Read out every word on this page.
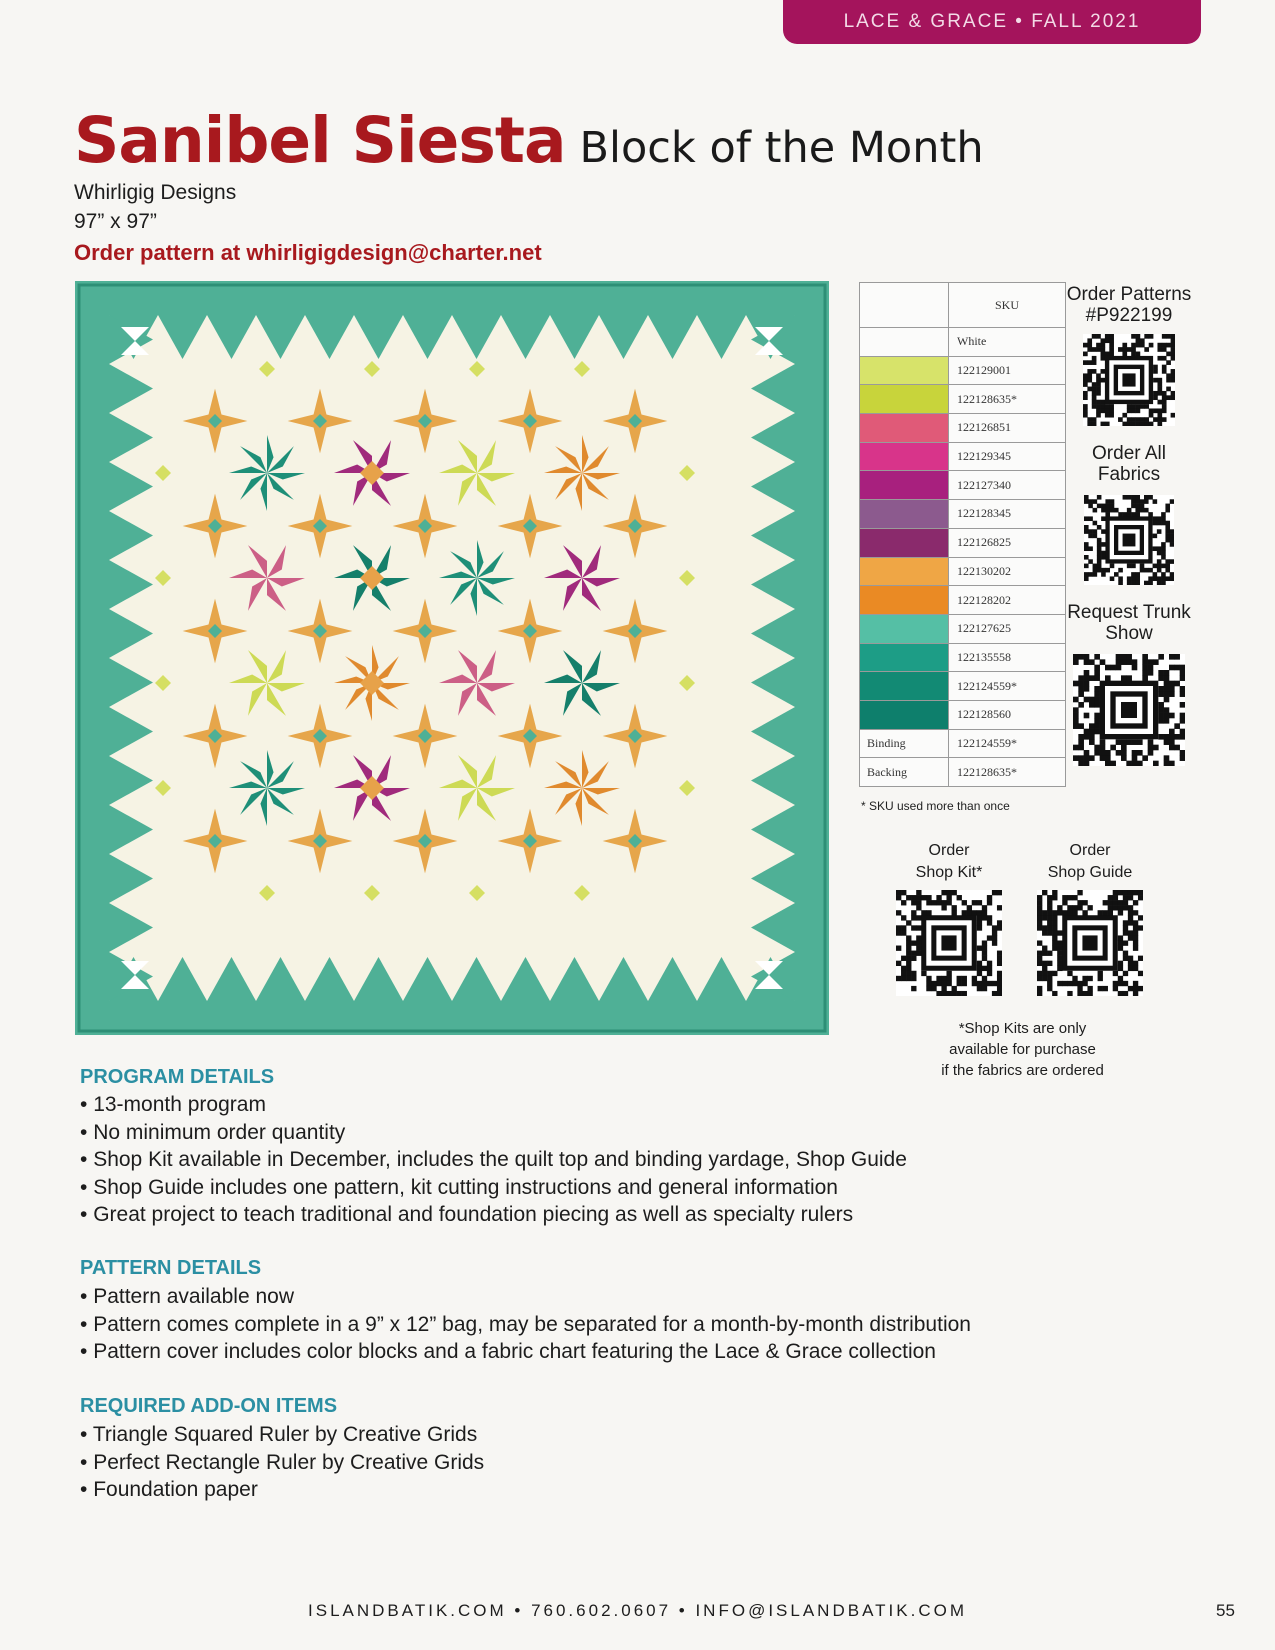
LACE & GRACE • FALL 2021
Sanibel Siesta Block of the Month
Whirligig Designs
97” x 97”
Order pattern at whirligigdesign@charter.net
	SKU
	White
	122129001
	122128635*
	122126851
	122129345
	122127340
	122128345
	122126825
	122130202
	122128202
	122127625
	122135558
	122124559*
	122128560
Binding	122124559*
Backing	122128635*
* SKU used more than once
Order Patterns
#P922199
Order All
Fabrics
Request Trunk
Show
Order
Shop Kit*
Order
Shop Guide
*Shop Kits are only
available for purchase
if the fabrics are ordered
PROGRAM DETAILS
• 13-month program
• No minimum order quantity
• Shop Kit available in December, includes the quilt top and binding yardage, Shop Guide
• Shop Guide includes one pattern, kit cutting instructions and general information
• Great project to teach traditional and foundation piecing as well as specialty rulers
PATTERN DETAILS
• Pattern available now
• Pattern comes complete in a 9” x 12” bag, may be separated for a month-by-month distribution
• Pattern cover includes color blocks and a fabric chart featuring the Lace & Grace collection
REQUIRED ADD-ON ITEMS
• Triangle Squared Ruler by Creative Grids
• Perfect Rectangle Ruler by Creative Grids
• Foundation paper
ISLANDBATIK.COM • 760.602.0607 • INFO@ISLANDBATIK.COM	55
